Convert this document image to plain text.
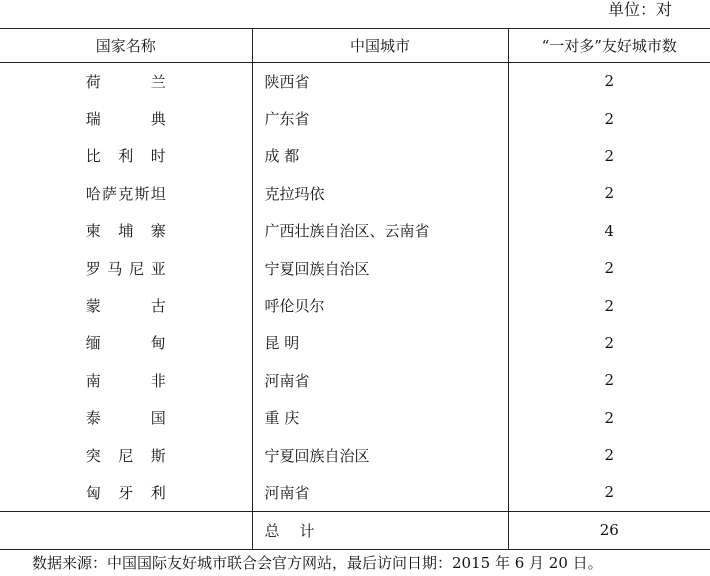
单位：对
国家名称	中国城市	“一对多”友好城市数
荷兰	陕西省	2
瑞典	广东省	2
比利时	成 都	2
哈萨克斯坦	克拉玛依	2
柬埔寨	广西壮族自治区、云南省	4
罗马尼亚	宁夏回族自治区	2
蒙古	呼伦贝尔	2
缅甸	昆 明	2
南非	河南省	2
泰国	重 庆	2
突尼斯	宁夏回族自治区	2
匈牙利	河南省	2
	总计	26
数据来源：中国国际友好城市联合会官方网站，最后访问日期：2015 年 6 月 20 日。
